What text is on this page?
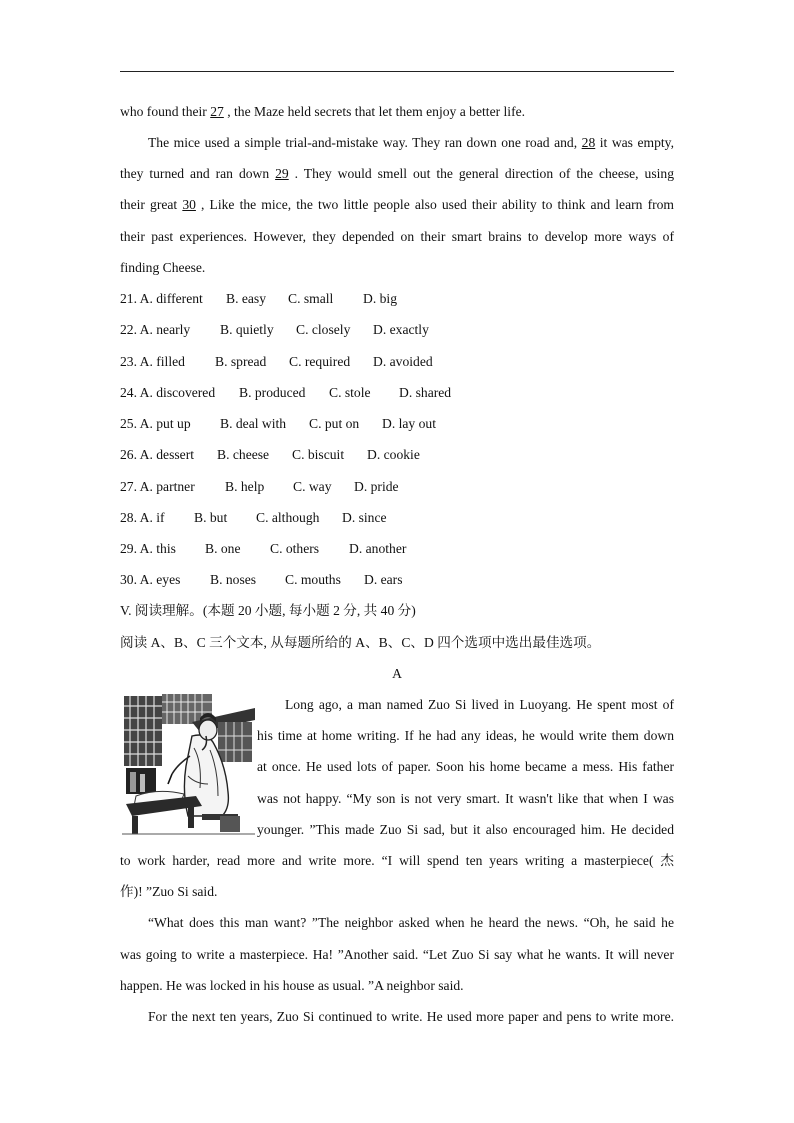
who found their 27 , the Maze held secrets that let them enjoy a better life.
The mice used a simple trial-and-mistake way. They ran down one road and, 28 it was empty,
they turned and ran down 29 . They would smell out the general direction of the cheese, using
their great 30 , Like the mice, the two little people also used their ability to think and learn from
their past experiences. However, they depended on their smart brains to develop more ways of
finding Cheese.
21. A. different B. easy C. small D. big
22. A. nearly B. quietly C. closely D. exactly
23. A. filled B. spread C. required D. avoided
24. A. discovered B. produced C. stole D. shared
25. A. put up B. deal with C. put on D. lay out
26. A. dessert B. cheese C. biscuit D. cookie
27. A. partner B. help C. way D. pride
28. A. if B. but C. although D. since
29. A. this B. one C. others D. another
30. A. eyes B. noses C. mouths D. ears
V. 阅读理解。(本题 20 小题, 每小题 2 分, 共 40 分)
阅读 A、B、C 三个文本, 从每题所给的 A、B、C、D 四个选项中选出最佳选项。
A
Long ago, a man named Zuo Si lived in Luoyang. He spent most of
his time at home writing. If he had any ideas, he would write them down
at once. He used lots of paper. Soon his home became a mess. His father
was not happy. “My son is not very smart. It wasn't like that when I was
younger. ”This made Zuo Si sad, but it also encouraged him. He decided
to work harder, read more and write more. “I will spend ten years writing a masterpiece( 杰
作)! ”Zuo Si said.
“What does this man want? ”The neighbor asked when he heard the news. “Oh, he said he
was going to write a masterpiece. Ha! ”Another said. “Let Zuo Si say what he wants. It will never
happen. He was locked in his house as usual. ”A neighbor said.
For the next ten years, Zuo Si continued to write. He used more paper and pens to write more.
